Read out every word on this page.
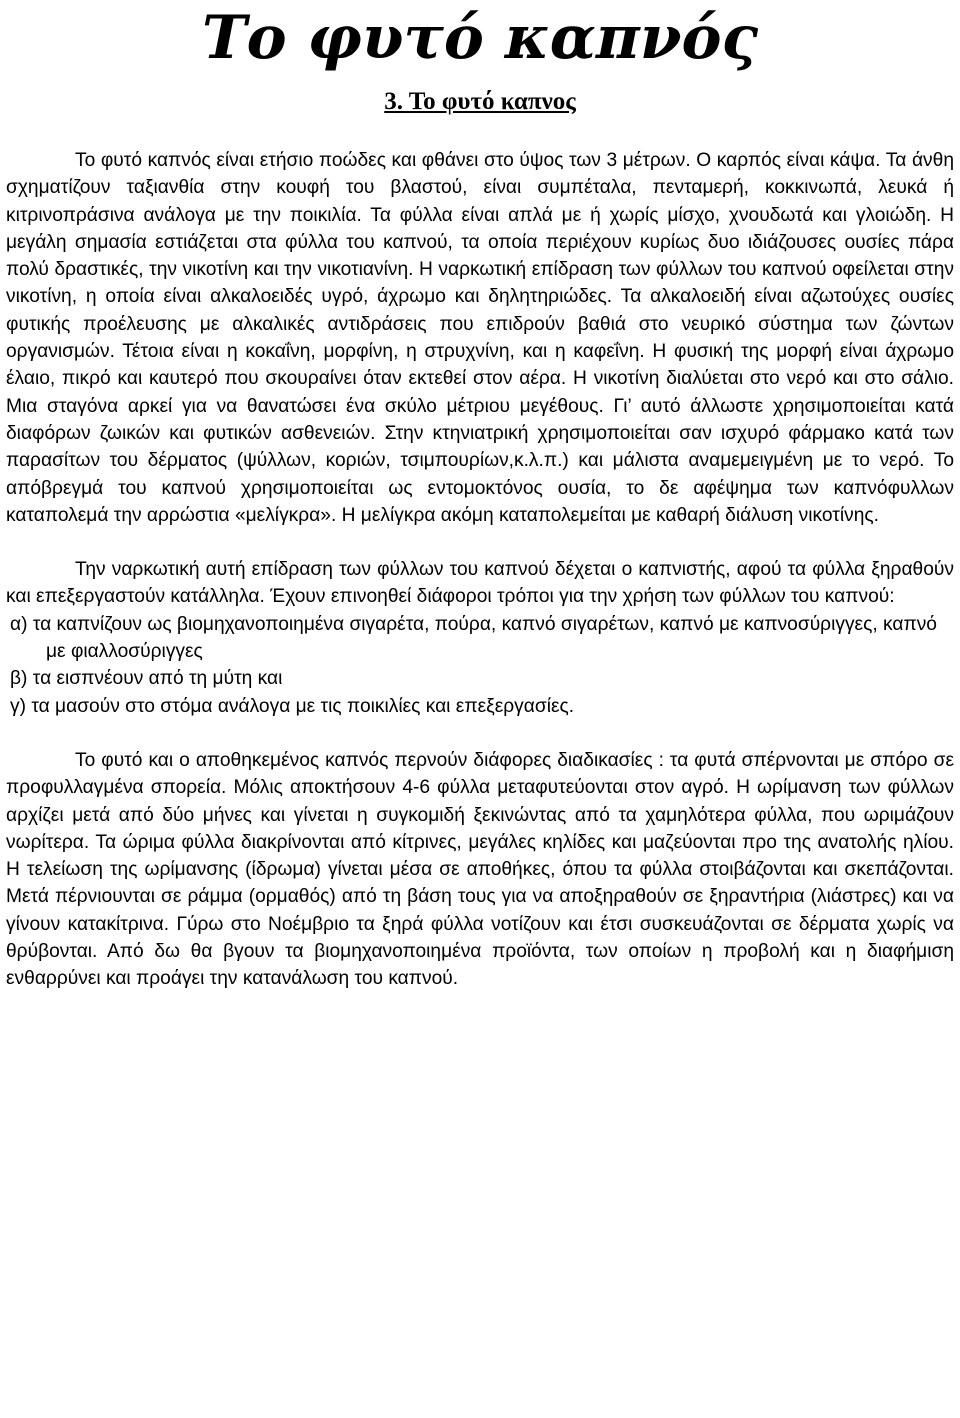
Το φυτό καπνός
3. Το φυτό καπνος

Το φυτό καπνός είναι ετήσιο ποώδες και φθάνει στο ύψος των 3 μέτρων. Ο καρπός είναι κάψα. Τα άνθη σχηματίζουν ταξιανθία στην κουφή του βλαστού, είναι συμπέταλα, πενταμερή, κοκκινωπά, λευκά ή κιτρινοπράσινα ανάλογα με την ποικιλία. Τα φύλλα είναι απλά με ή χωρίς μίσχο, χνουδωτά και γλοιώδη. Η μεγάλη σημασία εστιάζεται στα φύλλα του καπνού, τα οποία περιέχουν κυρίως δυο ιδιάζουσες ουσίες πάρα πολύ δραστικές, την νικοτίνη και την νικοτιανίνη. Η ναρκωτική επίδραση των φύλλων του καπνού οφείλεται στην νικοτίνη, η οποία είναι αλκαλοειδές υγρό, άχρωμο και δηλητηριώδες. Τα αλκαλοειδή είναι αζωτούχες ουσίες φυτικής προέλευσης με αλκαλικές αντιδράσεις που επιδρούν βαθιά στο νευρικό σύστημα των ζώντων οργανισμών. Τέτοια είναι η κοκαΐνη, μορφίνη, η στρυχνίνη, και η καφεΐνη. Η φυσική της μορφή είναι άχρωμο έλαιο, πικρό και καυτερό που σκουραίνει όταν εκτεθεί στον αέρα. Η νικοτίνη διαλύεται στο νερό και στο σάλιο. Μια σταγόνα αρκεί για να θανατώσει ένα σκύλο μέτριου μεγέθους. Γι’ αυτό άλλωστε χρησιμοποιείται κατά διαφόρων ζωικών και φυτικών ασθενειών. Στην κτηνιατρική χρησιμοποιείται σαν ισχυρό φάρμακο κατά των παρασίτων του δέρματος (ψύλλων, κοριών, τσιμπουρίων,κ.λ.π.) και μάλιστα αναμεμειγμένη με το νερό. Το απόβρεγμά του καπνού χρησιμοποιείται ως εντομοκτόνος ουσία, το δε αφέψημα των καπνόφυλλων καταπολεμά την αρρώστια «μελίγκρα». Η μελίγκρα ακόμη καταπολεμείται με καθαρή διάλυση νικοτίνης.

Την ναρκωτική αυτή επίδραση των φύλλων του καπνού δέχεται ο καπνιστής, αφού τα φύλλα ξηραθούν και επεξεργαστούν κατάλληλα. Έχουν επινοηθεί διάφοροι τρόποι για την χρήση των φύλλων του καπνού:

α) τα καπνίζουν ως βιομηχανοποιημένα σιγαρέτα, πούρα, καπνό σιγαρέτων, καπνό με καπνοσύριγγες, καπνό με φιαλλοσύριγγες
β) τα εισπνέουν από τη μύτη και
γ) τα μασούν στο στόμα ανάλογα με τις ποικιλίες και επεξεργασίες.

Το φυτό και ο αποθηκεμένος καπνός περνούν διάφορες διαδικασίες : τα φυτά σπέρνονται με σπόρο σε προφυλλαγμένα σπορεία. Μόλις αποκτήσουν 4-6 φύλλα μεταφυτεύονται στον αγρό. Η ωρίμανση των φύλλων αρχίζει μετά από δύο μήνες και γίνεται η συγκομιδή ξεκινώντας από τα χαμηλότερα φύλλα, που ωριμάζουν νωρίτερα. Τα ώριμα φύλλα διακρίνονται από κίτρινες, μεγάλες κηλίδες και μαζεύονται προ της ανατολής ηλίου. Η τελείωση της ωρίμανσης (ίδρωμα) γίνεται μέσα σε αποθήκες, όπου τα φύλλα στοιβάζονται και σκεπάζονται. Μετά πέρνιουνται σε ράμμα (ορμαθός) από τη βάση τους για να αποξηραθούν σε ξηραντήρια (λιάστρες) και να γίνουν κατακίτρινα. Γύρω στο Νοέμβριο τα ξηρά φύλλα νοτίζουν και έτσι συσκευάζονται σε δέρματα χωρίς να θρύβονται. Από δω θα βγουν τα βιομηχανοποιημένα προϊόντα, των οποίων η προβολή και η διαφήμιση ενθαρρύνει και προάγει την κατανάλωση του καπνού.
